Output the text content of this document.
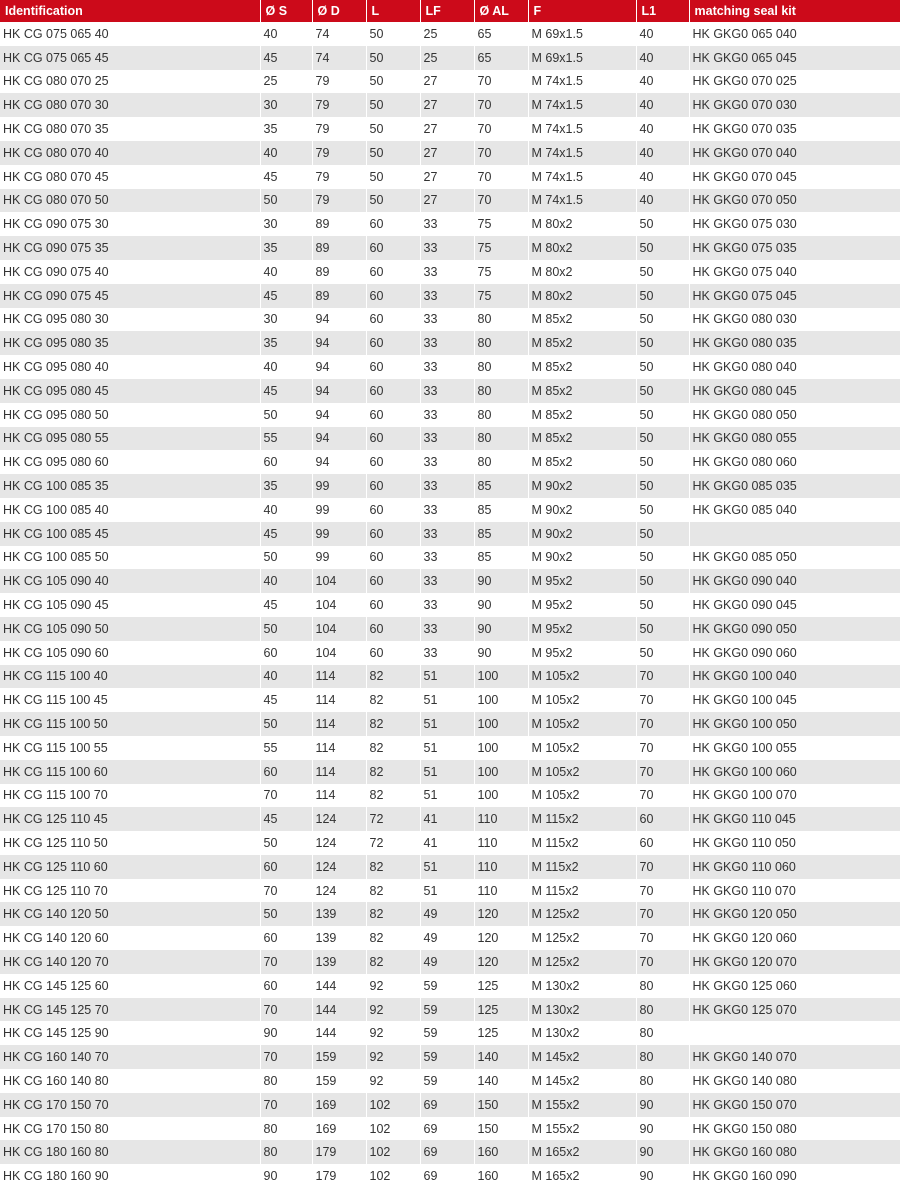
Identification	Ø S	Ø D	L	LF	Ø AL	F	L1	matching seal kit
HK CG 075 065 40	40	74	50	25	65	M 69x1.5	40	HK GKG0 065 040
HK CG 075 065 45	45	74	50	25	65	M 69x1.5	40	HK GKG0 065 045
HK CG 080 070 25	25	79	50	27	70	M 74x1.5	40	HK GKG0 070 025
HK CG 080 070 30	30	79	50	27	70	M 74x1.5	40	HK GKG0 070 030
HK CG 080 070 35	35	79	50	27	70	M 74x1.5	40	HK GKG0 070 035
HK CG 080 070 40	40	79	50	27	70	M 74x1.5	40	HK GKG0 070 040
HK CG 080 070 45	45	79	50	27	70	M 74x1.5	40	HK GKG0 070 045
HK CG 080 070 50	50	79	50	27	70	M 74x1.5	40	HK GKG0 070 050
HK CG 090 075 30	30	89	60	33	75	M 80x2	50	HK GKG0 075 030
HK CG 090 075 35	35	89	60	33	75	M 80x2	50	HK GKG0 075 035
HK CG 090 075 40	40	89	60	33	75	M 80x2	50	HK GKG0 075 040
HK CG 090 075 45	45	89	60	33	75	M 80x2	50	HK GKG0 075 045
HK CG 095 080 30	30	94	60	33	80	M 85x2	50	HK GKG0 080 030
HK CG 095 080 35	35	94	60	33	80	M 85x2	50	HK GKG0 080 035
HK CG 095 080 40	40	94	60	33	80	M 85x2	50	HK GKG0 080 040
HK CG 095 080 45	45	94	60	33	80	M 85x2	50	HK GKG0 080 045
HK CG 095 080 50	50	94	60	33	80	M 85x2	50	HK GKG0 080 050
HK CG 095 080 55	55	94	60	33	80	M 85x2	50	HK GKG0 080 055
HK CG 095 080 60	60	94	60	33	80	M 85x2	50	HK GKG0 080 060
HK CG 100 085 35	35	99	60	33	85	M 90x2	50	HK GKG0 085 035
HK CG 100 085 40	40	99	60	33	85	M 90x2	50	HK GKG0 085 040
HK CG 100 085 45	45	99	60	33	85	M 90x2	50	
HK CG 100 085 50	50	99	60	33	85	M 90x2	50	HK GKG0 085 050
HK CG 105 090 40	40	104	60	33	90	M 95x2	50	HK GKG0 090 040
HK CG 105 090 45	45	104	60	33	90	M 95x2	50	HK GKG0 090 045
HK CG 105 090 50	50	104	60	33	90	M 95x2	50	HK GKG0 090 050
HK CG 105 090 60	60	104	60	33	90	M 95x2	50	HK GKG0 090 060
HK CG 115 100 40	40	114	82	51	100	M 105x2	70	HK GKG0 100 040
HK CG 115 100 45	45	114	82	51	100	M 105x2	70	HK GKG0 100 045
HK CG 115 100 50	50	114	82	51	100	M 105x2	70	HK GKG0 100 050
HK CG 115 100 55	55	114	82	51	100	M 105x2	70	HK GKG0 100 055
HK CG 115 100 60	60	114	82	51	100	M 105x2	70	HK GKG0 100 060
HK CG 115 100 70	70	114	82	51	100	M 105x2	70	HK GKG0 100 070
HK CG 125 110 45	45	124	72	41	110	M 115x2	60	HK GKG0 110 045
HK CG 125 110 50	50	124	72	41	110	M 115x2	60	HK GKG0 110 050
HK CG 125 110 60	60	124	82	51	110	M 115x2	70	HK GKG0 110 060
HK CG 125 110 70	70	124	82	51	110	M 115x2	70	HK GKG0 110 070
HK CG 140 120 50	50	139	82	49	120	M 125x2	70	HK GKG0 120 050
HK CG 140 120 60	60	139	82	49	120	M 125x2	70	HK GKG0 120 060
HK CG 140 120 70	70	139	82	49	120	M 125x2	70	HK GKG0 120 070
HK CG 145 125 60	60	144	92	59	125	M 130x2	80	HK GKG0 125 060
HK CG 145 125 70	70	144	92	59	125	M 130x2	80	HK GKG0 125 070
HK CG 145 125 90	90	144	92	59	125	M 130x2	80	
HK CG 160 140 70	70	159	92	59	140	M 145x2	80	HK GKG0 140 070
HK CG 160 140 80	80	159	92	59	140	M 145x2	80	HK GKG0 140 080
HK CG 170 150 70	70	169	102	69	150	M 155x2	90	HK GKG0 150 070
HK CG 170 150 80	80	169	102	69	150	M 155x2	90	HK GKG0 150 080
HK CG 180 160 80	80	179	102	69	160	M 165x2	90	HK GKG0 160 080
HK CG 180 160 90	90	179	102	69	160	M 165x2	90	HK GKG0 160 090
